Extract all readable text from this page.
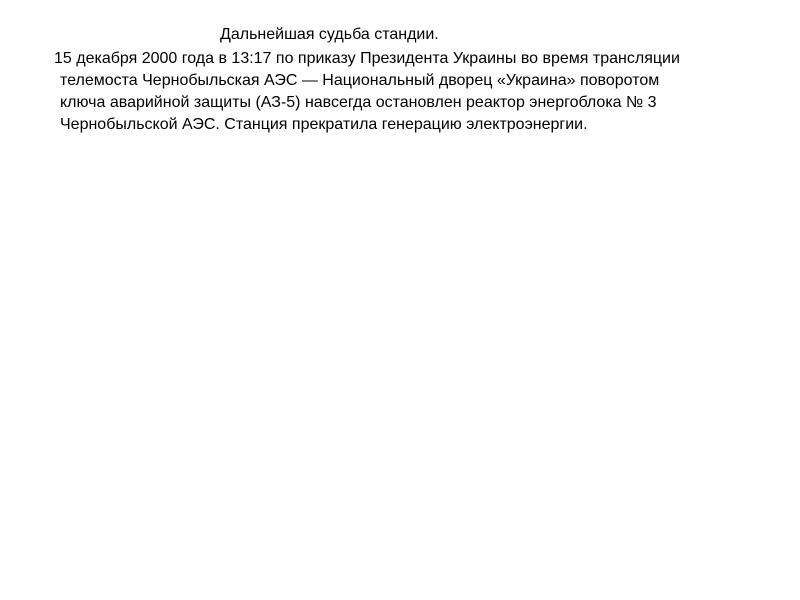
Дальнейшая судьба стандии.
15 декабря 2000 года в 13:17 по приказу Президента Украины во время трансляции
телемоста Чернобыльская АЭС — Национальный дворец «Украина» поворотом
ключа аварийной защиты (АЗ-5) навсегда остановлен реактор энергоблока № 3
Чернобыльской АЭС. Станция прекратила генерацию электроэнергии.
